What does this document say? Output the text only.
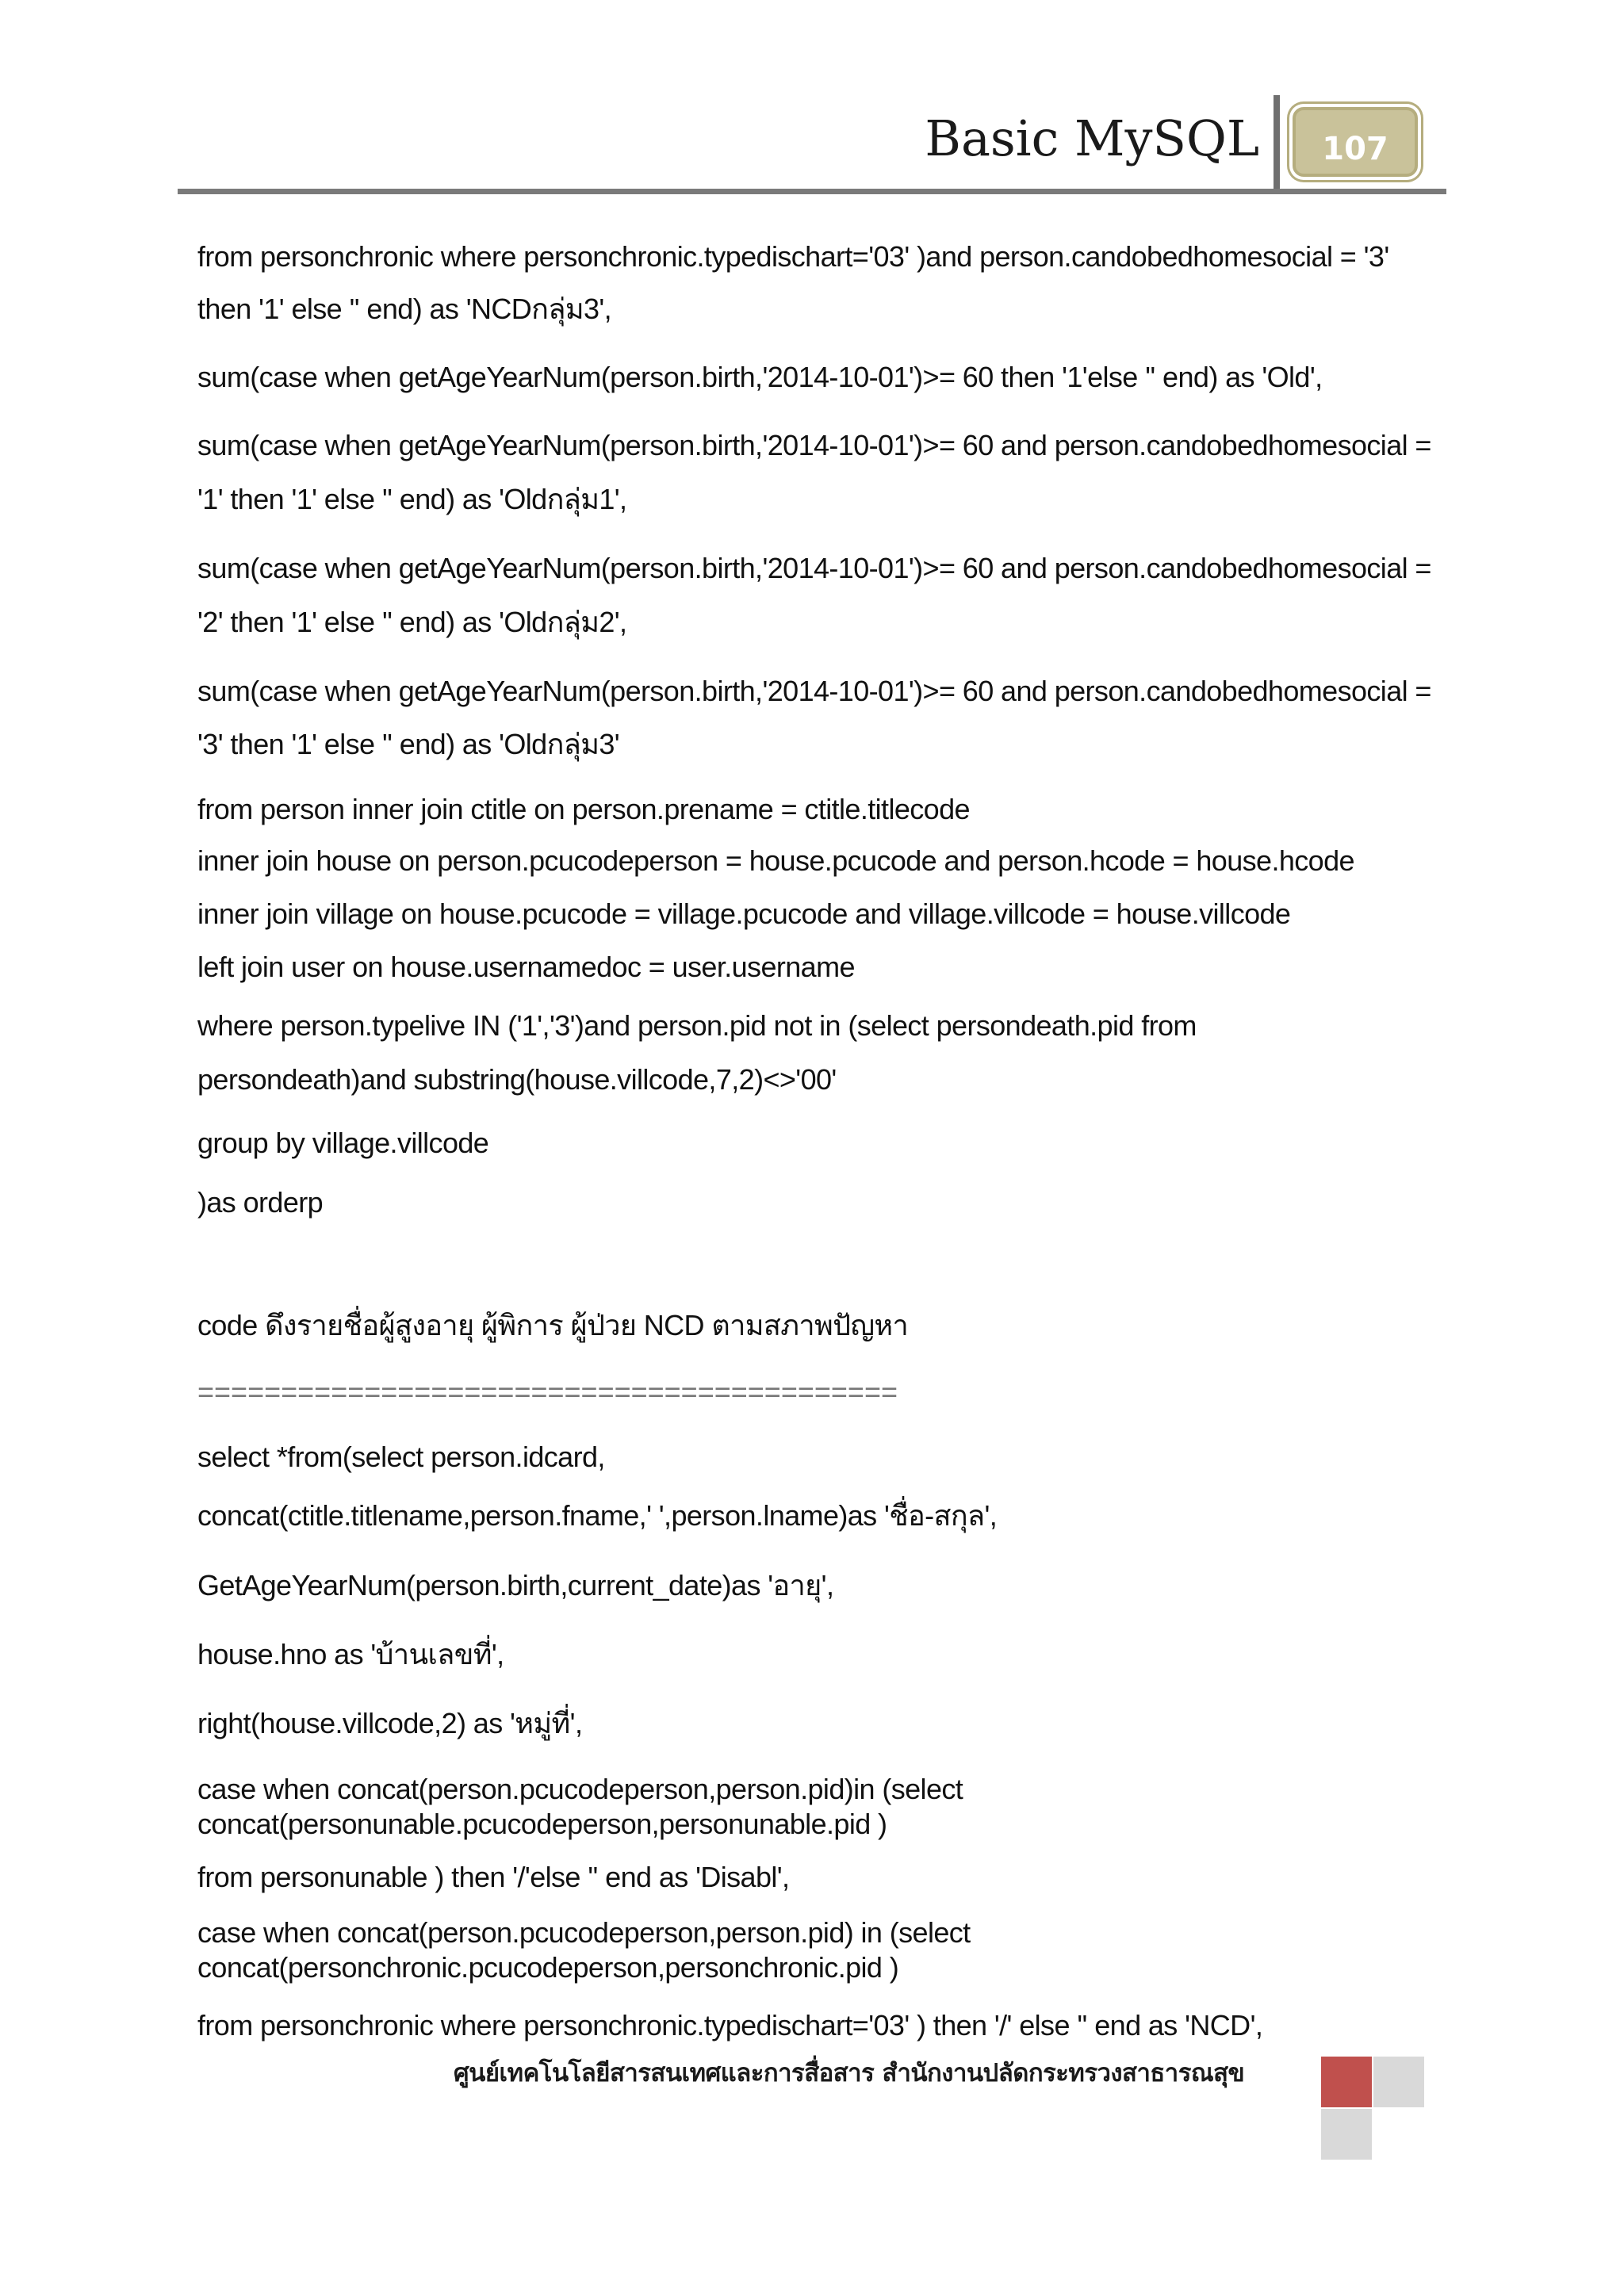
Basic MySQL	107
from personchronic where personchronic.typedischart='03' )and person.candobedhomesocial = '3'
then '1' else '' end) as 'NCDกลุ่ม3',
sum(case when getAgeYearNum(person.birth,'2014-10-01')>= 60 then '1'else '' end) as 'Old',
sum(case when getAgeYearNum(person.birth,'2014-10-01')>= 60 and person.candobedhomesocial =
'1' then '1' else '' end) as 'Oldกลุ่ม1',
sum(case when getAgeYearNum(person.birth,'2014-10-01')>= 60 and person.candobedhomesocial =
'2' then '1' else '' end) as 'Oldกลุ่ม2',
sum(case when getAgeYearNum(person.birth,'2014-10-01')>= 60 and person.candobedhomesocial =
'3' then '1' else '' end) as 'Oldกลุ่ม3'
from person inner join ctitle on person.prename = ctitle.titlecode
inner join house on person.pcucodeperson = house.pcucode and person.hcode = house.hcode
inner join village on house.pcucode = village.pcucode and village.villcode = house.villcode
left join user on house.usernamedoc = user.username
where person.typelive IN ('1','3')and person.pid not in (select persondeath.pid from
persondeath)and substring(house.villcode,7,2)<>'00'
group by village.villcode
)as orderp
code ดึงรายชื่อผู้สูงอายุ ผู้พิการ ผู้ป่วย NCD ตามสภาพปัญหา
==========================================
select *from(select person.idcard,
concat(ctitle.titlename,person.fname,' ',person.lname)as 'ชื่อ-สกุล',
GetAgeYearNum(person.birth,current_date)as 'อายุ',
house.hno as 'บ้านเลขที่',
right(house.villcode,2) as 'หมู่ที่',
case when concat(person.pcucodeperson,person.pid)in (select
concat(personunable.pcucodeperson,personunable.pid )
from personunable ) then '/'else '' end as 'Disabl',
case when concat(person.pcucodeperson,person.pid) in (select
concat(personchronic.pcucodeperson,personchronic.pid )
from personchronic where personchronic.typedischart='03' ) then '/' else '' end as 'NCD',
ศูนย์เทคโนโลยีสารสนเทศและการสื่อสาร สำนักงานปลัดกระทรวงสาธารณสุข
